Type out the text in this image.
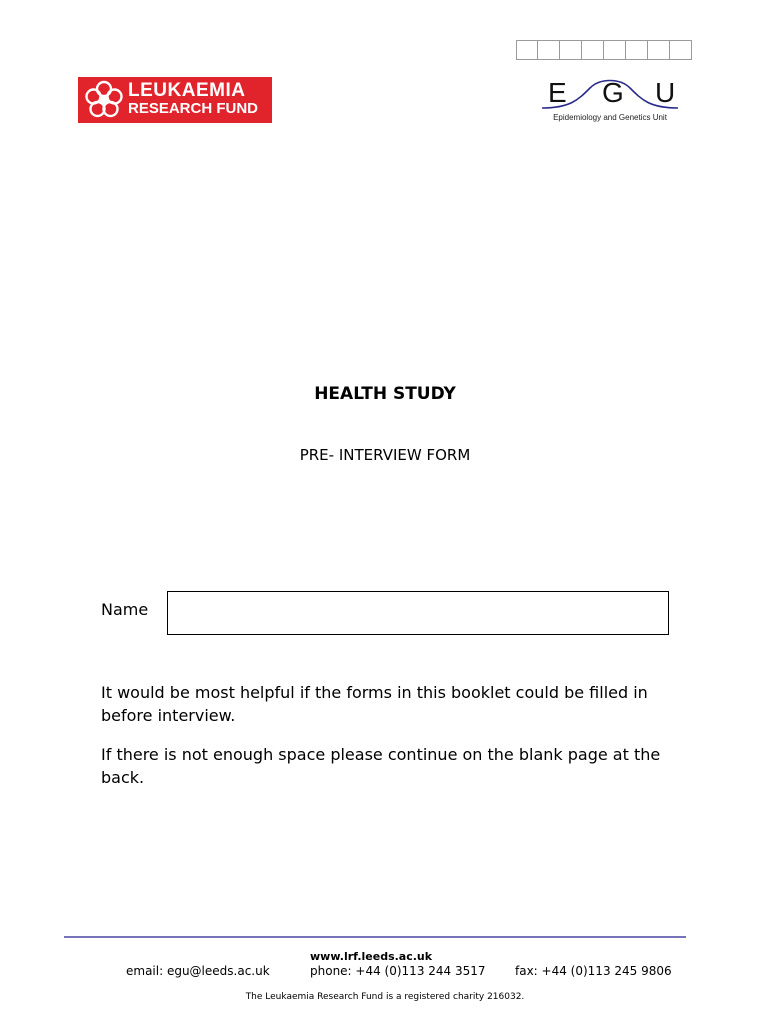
LEUKAEMIA
RESEARCH FUND
E G U
Epidemiology and Genetics Unit
HEALTH STUDY
PRE- INTERVIEW FORM
Name
It would be most helpful if the forms in this booklet could be filled in before interview.
If there is not enough space please continue on the blank page at the back.
www.lrf.leeds.ac.uk
email: egu@leeds.ac.uk	phone: +44 (0)113 244 3517 fax: +44 (0)113 245 9806
The Leukaemia Research Fund is a registered charity 216032.
